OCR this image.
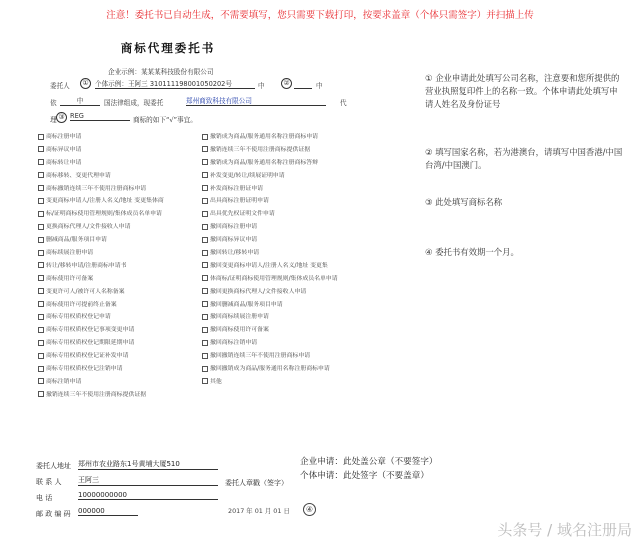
注意！委托书已自动生成，不需要填写，您只需要下载打印，按要求盖章（个体只需签字）并扫描上传
商标代理委托书
企业示例：某某某科技股份有限公司
委托人	① 个体示例：王阿三 310111198001050202号	中	②	中
依	中	国法律组成，现委托	郑州商致科技有限公司	代
理 ③ REG	商标的如下“√”事宜。
商标注册申请
商标异议申请
商标转让申请
商标移转、变更代理申请
商标撤销连续三年不使用注册商标申请
变更商标申请人/注册人名义/地址 变更集体商
标/证明商标使用管理规则/集体成员名单申请
更换商标代理人/文件接收人申请
删减商品/服务项目申请
商标续展注册申请
转让/移转申请/注册商标申请书
商标使用许可备案
变更许可人/被许可人名称备案
商标使用许可提前终止备案
商标专用权质权登记申请
商标专用权质权登记事项变更申请
商标专用权质权登记期限延期申请
商标专用权质权登记证补发申请
商标专用权质权登记注销申请
商标注销申请
撤销连续三年不使用注册商标提供证据
撤销成为商品/服务通用名称注册商标申请
撤销连续三年不使用注册商标提供证据
撤销成为商品/服务通用名称注册商标答辩
补发变更/转让/续展证明申请
补发商标注册证申请
出具商标注册证明申请
出具优先权证明文件申请
撤回商标注册申请
撤回商标异议申请
撤回转让/移转申请
撤回变更商标申请人/注册人名义/地址 变更集
体商标/证明商标使用管理规则/集体成员名单申请
撤回更换商标代理人/文件接收人申请
撤回删减商品/服务项目申请
撤回商标续展注册申请
撤回商标使用许可备案
撤回商标注销申请
撤回撤销连续三年不使用注册商标申请
撤回撤销成为商品/服务通用名称注册商标申请
其他
① 企业申请此处填写公司名称，注意要和您所提供的营业执照复印件上的名称一致。个体申请此处填写申请人姓名及身份证号
② 填写国家名称，若为港澳台，请填写中国香港/中国台湾/中国澳门。
③ 此处填写商标名称
④ 委托书有效期一个月。
委托人地址 郑州市农业路东1号黄埔大厦510
联 系 人 王阿三
电 话	10000000000
邮 政 编 码 000000
企业申请：此处盖公章（不要签字）
个体申请：此处签字（不要盖章）
委托人章戳（签字）
2017 年 01 月 01 日	④
头条号 / 域名注册局
